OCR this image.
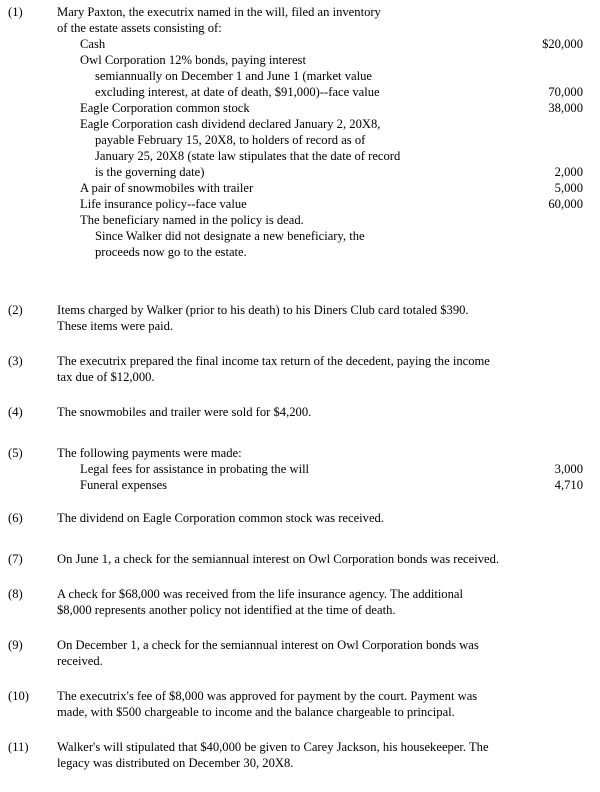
(1)	Mary Paxton, the executrix named in the will, filed an inventory
of the estate assets consisting of:
Cash	$20,000
Owl Corporation 12% bonds, paying interest
semiannually on December 1 and June 1 (market value
excluding interest, at date of death, $91,000)--face value	70,000
Eagle Corporation common stock	38,000
Eagle Corporation cash dividend declared January 2, 20X8,
payable February 15, 20X8, to holders of record as of
January 25, 20X8 (state law stipulates that the date of record
is the governing date)	2,000
A pair of snowmobiles with trailer	5,000
Life insurance policy--face value	60,000
The beneficiary named in the policy is dead.
Since Walker did not designate a new beneficiary, the
proceeds now go to the estate.
(2)	Items charged by Walker (prior to his death) to his Diners Club card totaled $390.
These items were paid.
(3)	The executrix prepared the final income tax return of the decedent, paying the income
tax due of $12,000.
(4)	The snowmobiles and trailer were sold for $4,200.
(5)	The following payments were made:
Legal fees for assistance in probating the will	3,000
Funeral expenses	4,710
(6)	The dividend on Eagle Corporation common stock was received.
(7)	On June 1, a check for the semiannual interest on Owl Corporation bonds was received.
(8)	A check for $68,000 was received from the life insurance agency. The additional
$8,000 represents another policy not identified at the time of death.
(9)	On December 1, a check for the semiannual interest on Owl Corporation bonds was
received.
(10)	The executrix's fee of $8,000 was approved for payment by the court. Payment was
made, with $500 chargeable to income and the balance chargeable to principal.
(11)	Walker's will stipulated that $40,000 be given to Carey Jackson, his housekeeper. The
legacy was distributed on December 30, 20X8.
